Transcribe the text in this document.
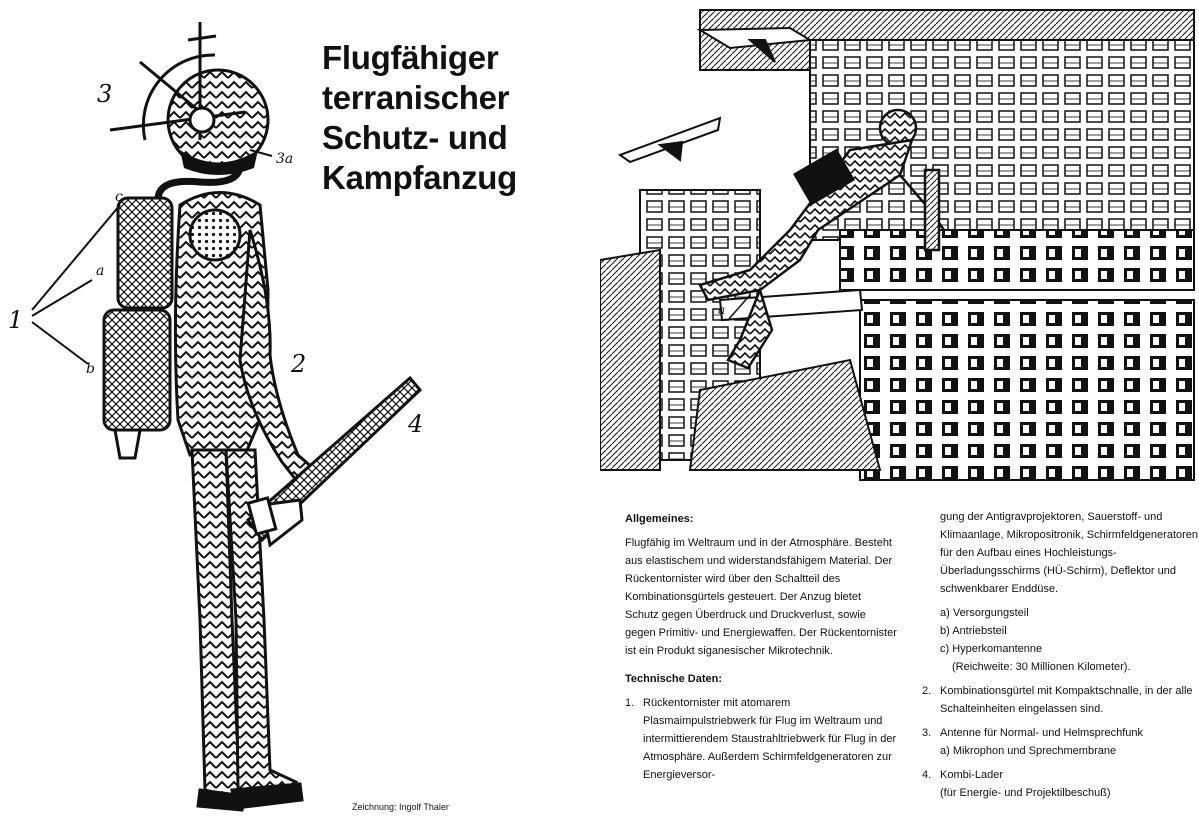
Flugfähiger
terranischer
Schutz- und
Kampfanzug
3
3a
1
a
b
c
2
4
Zeichnung: Ingolf Thaler
a
Allgemeines:
Flugfähig im Weltraum und in der Atmosphäre. Besteht aus elastischem und widerstandsfähigem Material. Der Rückentornister wird über den Schaltteil des Kombinationsgürtels gesteuert. Der Anzug bietet Schutz gegen Überdruck und Druckverlust, sowie gegen Primitiv- und Energiewaffen. Der Rückentornister ist ein Produkt siganesischer Mikrotechnik.
Technische Daten:
1. Rückentornister mit atomarem Plasmaimpulstriebwerk für Flug im Weltraum und intermittierendem Staustrahltriebwerk für Flug in der Atmosphäre. Außerdem Schirmfeldgeneratoren zur Energieversor-
gung der Antigravprojektoren, Sauerstoff- und Klimaanlage, Mikropositronik, Schirmfeldgeneratoren für den Aufbau eines Hochleistungs-Überladungsschirms (HÜ-Schirm), Deflektor und schwenkbarer Enddüse.
a) Versorgungsteil
b) Antriebsteil
c) Hyperkomantenne
(Reichweite: 30 Millionen Kilometer).
2. Kombinationsgürtel mit Kompaktschnalle, in der alle Schalteinheiten eingelassen sind.
3. Antenne für Normal- und Helmsprechfunk
a) Mikrophon und Sprechmembrane
4. Kombi-Lader
(für Energie- und Projektilbeschuß)
